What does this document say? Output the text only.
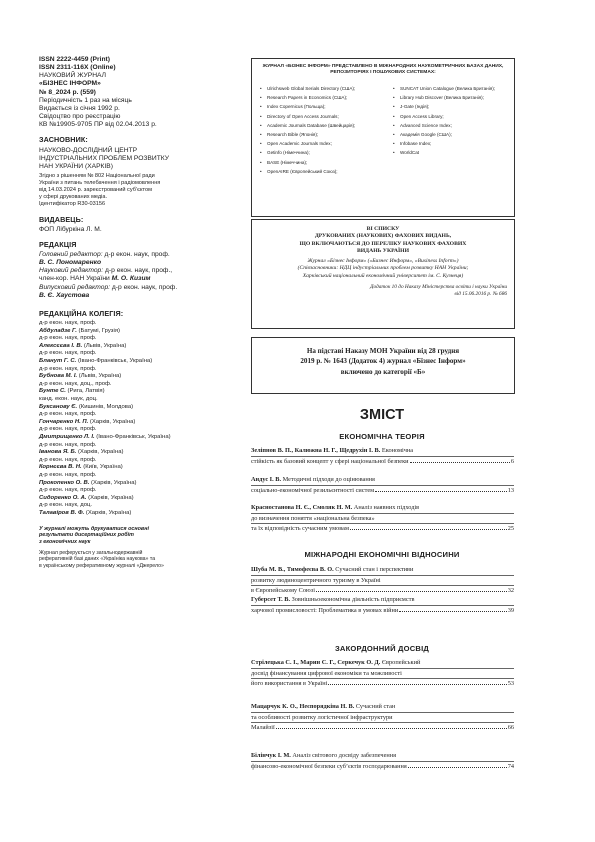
ISSN 2222-4459 (Print)
ISSN 2311-116X (Online)
НАУКОВИЙ ЖУРНАЛ
«БІЗНЕС ІНФОРМ»
№ 8_2024 р. (559)
Періодичність 1 раз на місяць
Видається із січня 1992 р.
Свідоцтво про реєстрацію
КВ №19905-9705 ПР від 02.04.2013 р.
ЗАСНОВНИК:
НАУКОВО-ДОСЛІДНИЙ ЦЕНТР
ІНДУСТРІАЛЬНИХ ПРОБЛЕМ РОЗВИТКУ
НАН УКРАЇНИ (ХАРКІВ)
Згідно з рішенням № 802 Національної ради
України з питань телебачення і радіомовлення
від 14.03.2024 р. зареєстрований суб’єктом
у сфері друкованих медіа.
Ідентифікатор R30-03156
ВИДАВЕЦЬ:
ФОП Лібуркіна Л. М.
РЕДАКЦІЯ
Головний редактор: д-р екон. наук, проф.
В. С. Пономаренко
Науковий редактор: д-р екон. наук, проф.,
член-кор. НАН України М. О. Кизим
Випусковий редактор: д-р екон. наук, проф.
В. Є. Хаустова
РЕДАКЦІЙНА КОЛЕГІЯ:
д-р екон. наук, проф.
Абдуладзе Г. (Батумі, Грузія)
д-р екон. наук, проф.
Алексєєва І. В. (Львів, Україна)
д-р екон. наук, проф.
Бланут Г. С. (Івано-Франківськ, Україна)
д-р екон. наук, проф.
Бубнова М. І. (Львів, Україна)
д-р екон. наук, доц., проф.
Бунте С. (Рига, Латвія)
канд. екон. наук, доц.
Буксанову Є. (Кишинів, Молдова)
д-р екон. наук, проф.
Гончаренко Н. П. (Харків, Україна)
д-р екон. наук, проф.
Дмитрищенко Л. І. (Івано-Франківськ, Україна)
д-р екон. наук, проф.
Іванова Я. Б. (Харків, Україна)
д-р екон. наук, проф.
Корнєєва В. Н. (Київ, Україна)
д-р екон. наук, проф.
Прокопенко О. В. (Харків, Україна)
д-р екон. наук, проф.
Сидоренко О. А. (Харків, Україна)
д-р екон. наук, доц.
Талавіров В. Ф. (Харків, Україна)
У журналі можуть друкуватися основні
результати дисертаційних робіт
з економічних наук
Журнал реферується у загальнодержавній
реферативній базі даних «Україніка наукова» та
в українському реферативному журналі «Джерело»
ЖУРНАЛ «БІЗНЕС ІНФОРМ» ПРЕДСТАВЛЕНО В МІЖНАРОДНИХ НАУКОМЕТРИЧНИХ БАЗАХ ДАНИХ, РЕПОЗИТОРІЯХ І ПОШУКОВИХ СИСТЕМАХ:
• Ulrichsweb Global Serials Directory (США);
• Research Papers in Economics (США);
• Index Copernicus (Польща);
• Directory of Open Access Journals;
• Academic Journals Database (Швейцарія);
• Research Bible (Японія);
• Open Academic Journals Index;
• Getinfo (Німеччина);
• BASE (Німеччина);
• OpenAIRE (Європейський Союз);
• SUNCAT Union Catalogue (Велика Британія);
• Library Hub Discover (Велика Британія);
• J-Gate (Індія);
• Open Access Library;
• Advanced Science Index;
• Академія Google (США);
• Infobase Index;
• WorldCat
ВІ СПИСКУ
ДРУКОВАНИХ (НАУКОВИХ) ФАХОВИХ ВИДАНЬ,
ЩО ВКЛЮЧАЮТЬСЯ ДО ПЕРЕЛІКУ НАУКОВИХ ФАХОВИХ
ВИДАНЬ УКРАЇНИ
Журнал «Бізнес Інформ» («Бизнес Информ», «Business Inform»)
(Співзасновники: НДЦ індустріальних проблем розвитку НАН України;
Харківський національний економічний університет ім. С. Кузнеця)
Додаток 10 до Наказу Міністерства освіти і науки України
від 15.06.2016 р. № 686
На підставі Наказу МОН України від 28 грудня
2019 р. № 1643 (Додаток 4) журнал «Бізнес Інформ»
включено до категорії «Б»
ЗМІСТ
ЕКОНОМІЧНА ТЕОРІЯ
Зеліпнов В. П., Калюжна Н. Г., Щедрухін І. В. Економічна
стійкість як базовий концепт у сфері національної безпеки	6
Андус І. В. Методичні підходи до оцінювання
соціально-економічної резильєнтності систем	13
Красностанова Н. Є., Смоляк Н. М. Аналіз наявних підходів
до визначення поняття «національна безпека»
та їх відповідність сучасним умовам	25
МІЖНАРОДНІ ЕКОНОМІЧНІ ВІДНОСИНИ
Шуба М. В., Тимофеєва В. О. Сучасний стан і перспективи
розвитку людиноцентричного туризму в Україні
в Європейському Союзі	32
Губерсет Т. В. Зовнішньоекономічна діяльність підприємств
харчової промисловості: Проблематика в умовах війни	39
ЗАКОРДОННИЙ ДОСВІД
Стрілецька С. І., Марин С. Г., Серкечук О. Д. Європейський
досвід фінансування цифрової економіки та можливості
його використання в Україні	53
Мацарчук К. О., Неєпорядкіна Н. В. Сучасний стан
та особливості розвитку логістичної інфраструктури
Малайзії	66
Білінчук І. М. Аналіз світового досвіду забезпечення
фінансово-економічної безпеки суб’єктів господарювання	74
